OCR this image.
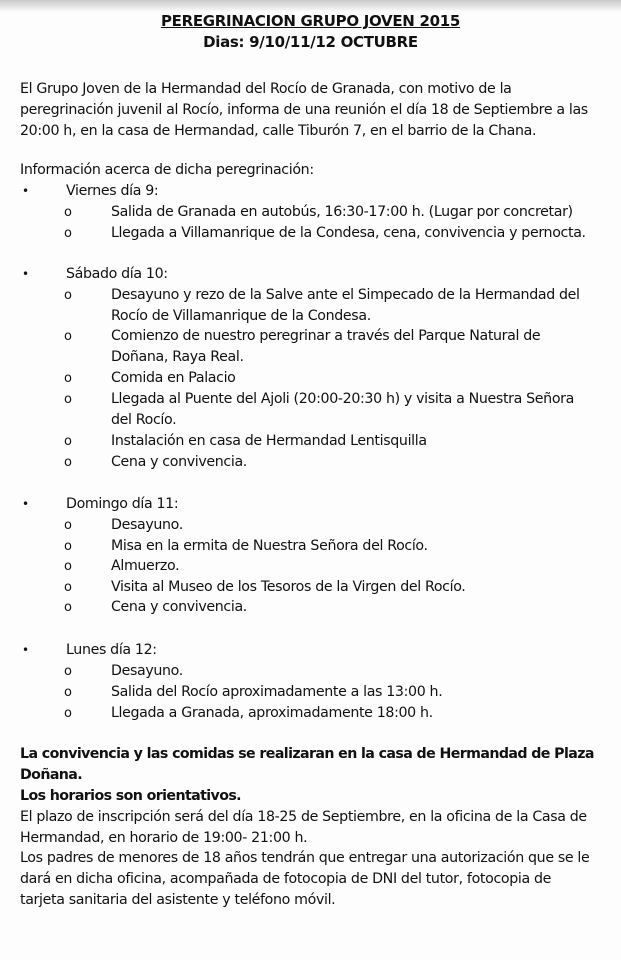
PEREGRINACION GRUPO JOVEN 2015
Dias: 9/10/11/12 OCTUBRE
El Grupo Joven de la Hermandad del Rocío de Granada, con motivo de la
peregrinación juvenil al Rocío, informa de una reunión el día 18 de Septiembre a las
20:00 h, en la casa de Hermandad, calle Tiburón 7, en el barrio de la Chana.
Información acerca de dicha peregrinación:
•	Viernes día 9:
o	Salida de Granada en autobús, 16:30-17:00 h. (Lugar por concretar)
o	Llegada a Villamanrique de la Condesa, cena, convivencia y pernocta.
•	Sábado día 10:
o	Desayuno y rezo de la Salve ante el Simpecado de la Hermandad del
Rocío de Villamanrique de la Condesa.
o	Comienzo de nuestro peregrinar a través del Parque Natural de
Doñana, Raya Real.
o	Comida en Palacio
o	Llegada al Puente del Ajoli (20:00-20:30 h) y visita a Nuestra Señora
del Rocío.
o	Instalación en casa de Hermandad Lentisquilla
o	Cena y convivencia.
•	Domingo día 11:
o	Desayuno.
o	Misa en la ermita de Nuestra Señora del Rocío.
o	Almuerzo.
o	Visita al Museo de los Tesoros de la Virgen del Rocío.
o	Cena y convivencia.
•	Lunes día 12:
o	Desayuno.
o	Salida del Rocío aproximadamente a las 13:00 h.
o	Llegada a Granada, aproximadamente 18:00 h.
La convivencia y las comidas se realizaran en la casa de Hermandad de Plaza
Doñana.
Los horarios son orientativos.
El plazo de inscripción será del día 18-25 de Septiembre, en la oficina de la Casa de
Hermandad, en horario de 19:00- 21:00 h.
Los padres de menores de 18 años tendrán que entregar una autorización que se le
dará en dicha oficina, acompañada de fotocopia de DNI del tutor, fotocopia de
tarjeta sanitaria del asistente y teléfono móvil.
